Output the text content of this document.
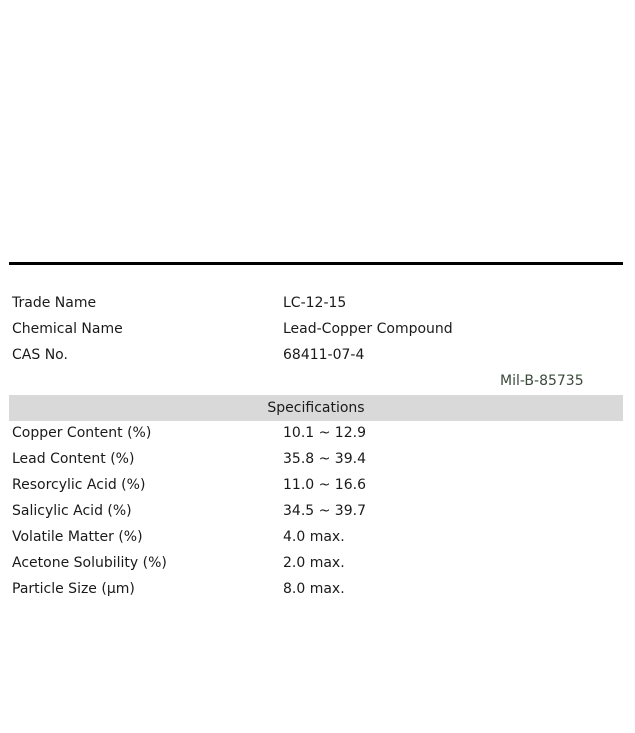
Trade Name	LC-12-15
Chemical Name	Lead-Copper Compound
CAS No.	68411-07-4
Mil-B-85735
Specifications
Copper Content (%)	10.1 ~ 12.9
Lead Content (%)	35.8 ~ 39.4
Resorcylic Acid (%)	11.0 ~ 16.6
Salicylic Acid (%)	34.5 ~ 39.7
Volatile Matter (%)	4.0 max.
Acetone Solubility (%)	2.0 max.
Particle Size (μm)	8.0 max.
